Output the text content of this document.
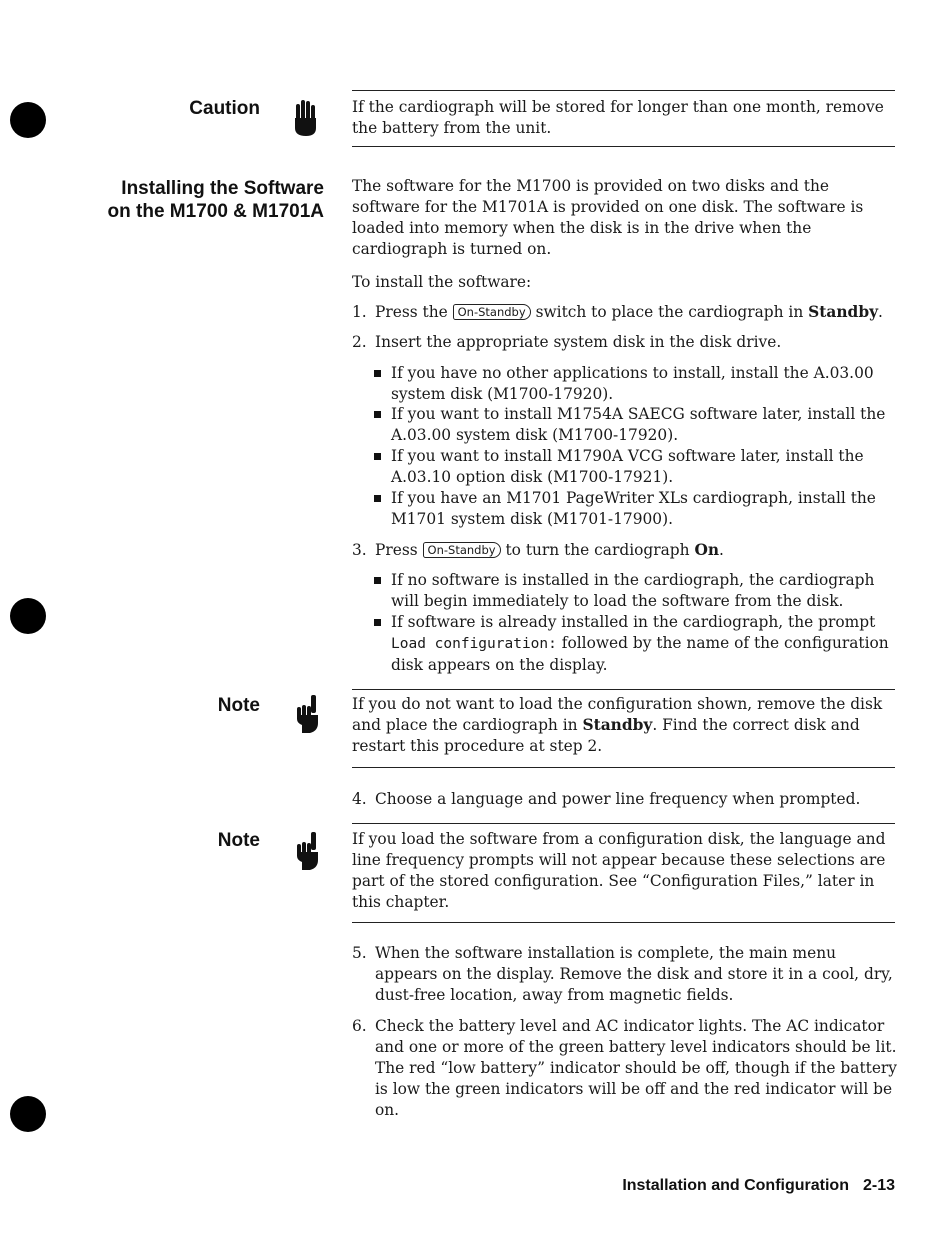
Caution	If the cardiograph will be stored for longer than one month, remove the battery from the unit.
Installing the Software
on the M1700 & M1701A
The software for the M1700 is provided on two disks and the software for the M1701A is provided on one disk. The software is loaded into memory when the disk is in the drive when the cardiograph is turned on.
To install the software:
1. Press the On-Standby switch to place the cardiograph in Standby.
2. Insert the appropriate system disk in the disk drive.
If you have no other applications to install, install the A.03.00 system disk (M1700-17920).
If you want to install M1754A SAECG software later, install the A.03.00 system disk (M1700-17920).
If you want to install M1790A VCG software later, install the A.03.10 option disk (M1700-17921).
If you have an M1701 PageWriter XLs cardiograph, install the M1701 system disk (M1701-17900).
3. Press On-Standby to turn the cardiograph On.
If no software is installed in the cardiograph, the cardiograph will begin immediately to load the software from the disk.
If software is already installed in the cardiograph, the prompt Load configuration: followed by the name of the configuration disk appears on the display.
Note	If you do not want to load the configuration shown, remove the disk and place the cardiograph in Standby. Find the correct disk and restart this procedure at step 2.
4. Choose a language and power line frequency when prompted.
Note	If you load the software from a configuration disk, the language and line frequency prompts will not appear because these selections are part of the stored configuration. See “Configuration Files,” later in this chapter.
5. When the software installation is complete, the main menu appears on the display. Remove the disk and store it in a cool, dry, dust-free location, away from magnetic fields.
6. Check the battery level and AC indicator lights. The AC indicator and one or more of the green battery level indicators should be lit. The red “low battery” indicator should be off, though if the battery is low the green indicators will be off and the red indicator will be on.
Installation and Configuration 2-13
